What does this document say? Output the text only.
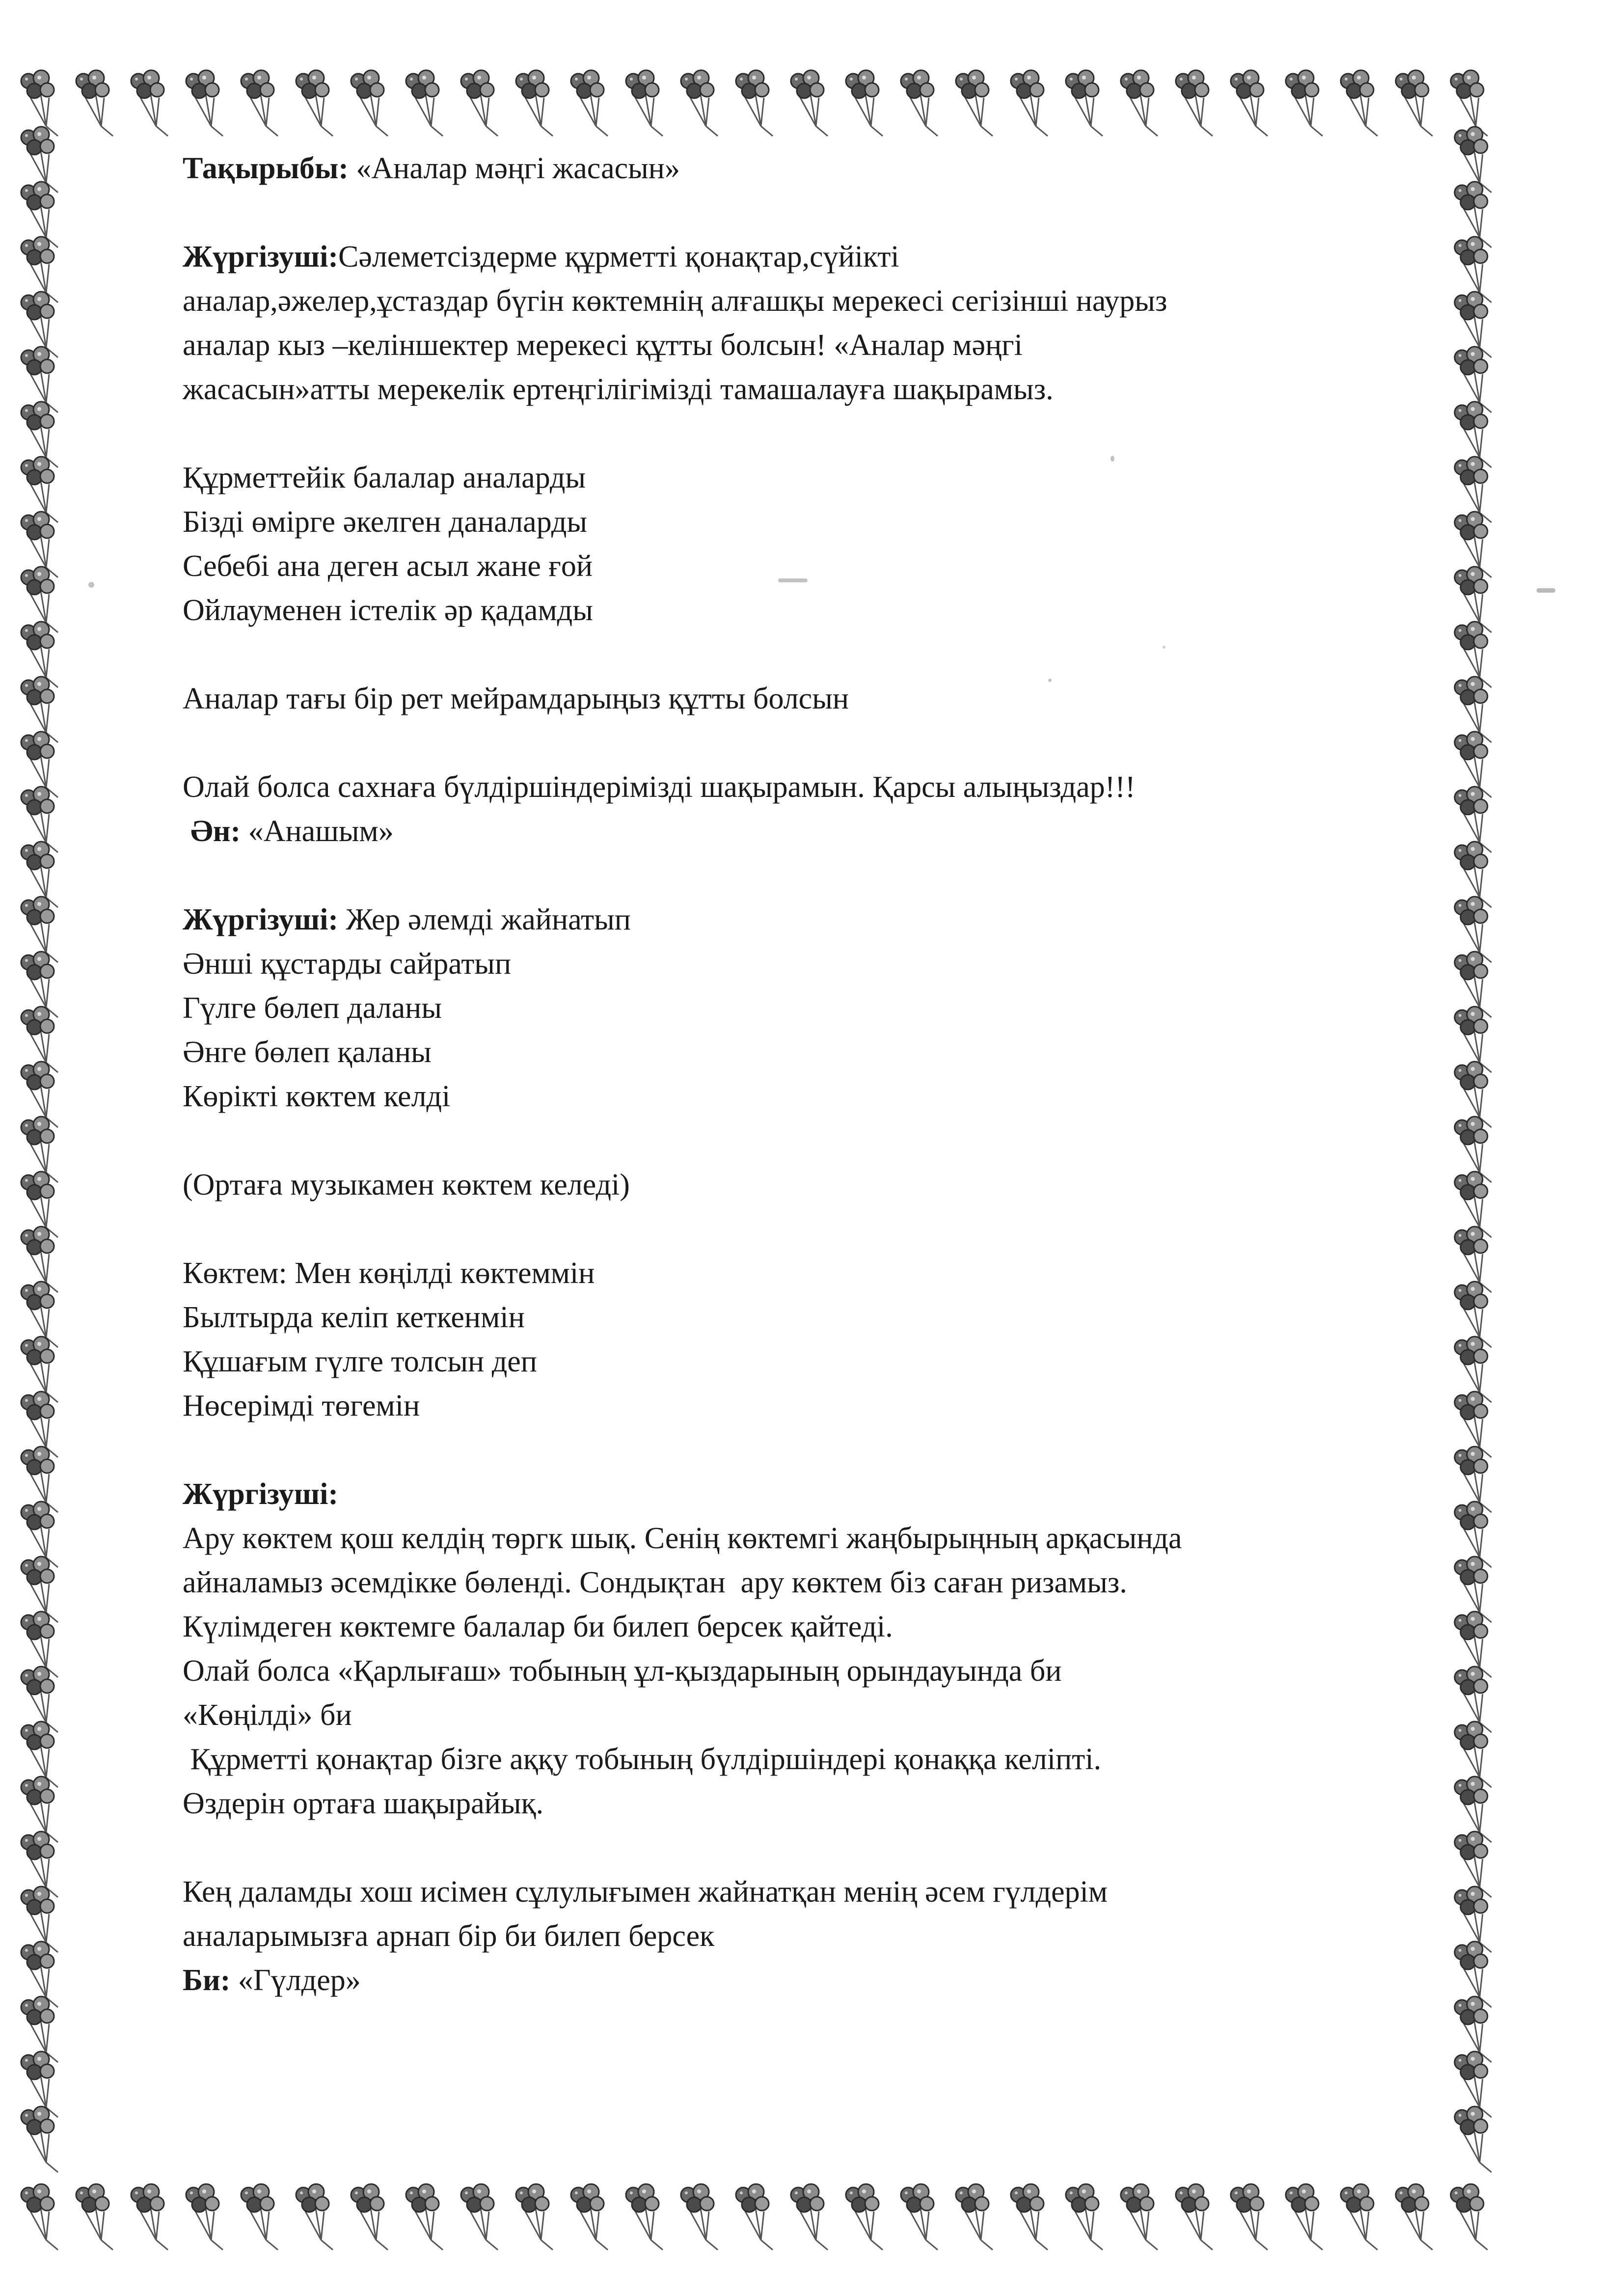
Тақырыбы: «Аналар мәңгі жасасын»

Жүргізуші:Сәлеметсіздерме құрметті қонақтар,сүйікті

аналар,әжелер,ұстаздар бүгін көктемнің алғашқы мерекесі сегізінші наурыз

аналар кыз –келіншектер мерекесі құтты болсын! «Аналар мәңгі

жасасын»атты мерекелік ертеңгілігімізді тамашалауға шақырамыз.

Құрметтейік балалар аналарды

Бізді өмірге әкелген даналарды

Себебі ана деген асыл жане ғой

Ойлауменен істелік әр қадамды

Аналар тағы бір рет мейрамдарыңыз құтты болсын

Олай болса сахнаға бүлдіршіндерімізді шақырамын. Қарсы алыңыздар!!!

Ән: «Анашым»

Жүргізуші: Жер әлемді жайнатып

Әнші құстарды сайратып

Гүлге бөлеп даланы

Әнге бөлеп қаланы

Көрікті көктем келді

(Ортаға музыкамен көктем келеді)

Көктем: Мен көңілді көктеммін

Былтырда келіп кеткенмін

Құшағым гүлге толсын деп

Нөсерімді төгемін

Жүргізуші:

Ару көктем қош келдің төргк шық. Сенің көктемгі жаңбырыңның арқасында

айналамыз әсемдікке бөленді. Сондықтан  ару көктем біз саған ризамыз.

Күлімдеген көктемге балалар би билеп берсек қайтеді.

Олай болса «Қарлығаш» тобының ұл-қыздарының орындауында би

«Көңілді» би

Құрметті қонақтар бізге аққу тобының бүлдіршіндері қонаққа келіпті.

Өздерін ортаға шақырайық.

Кең даламды хош исімен сұлулығымен жайнатқан менің әсем гүлдерім

аналарымызға арнап бір би билеп берсек

Би: «Гүлдер»
